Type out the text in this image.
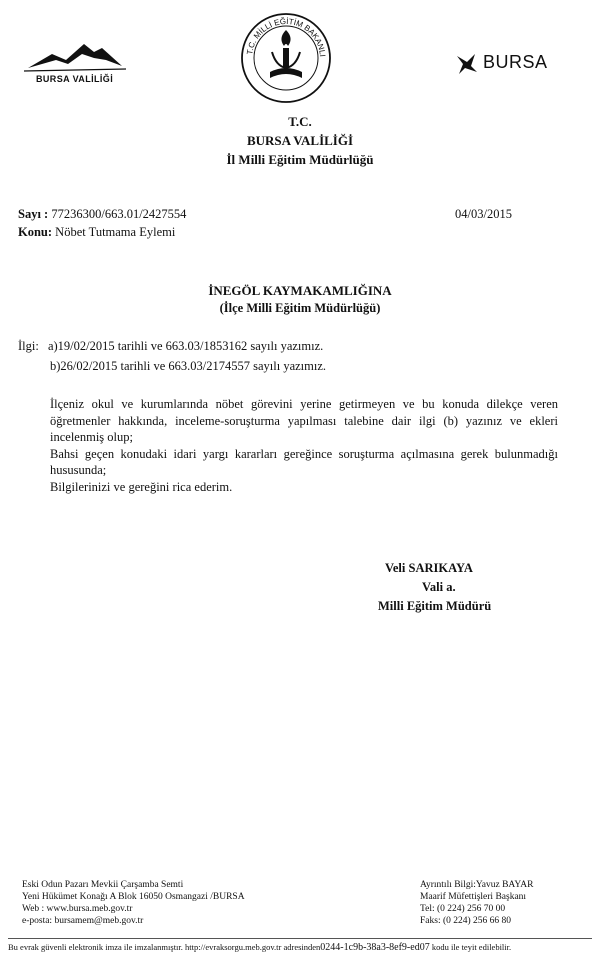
BURSA VALİLİĞİ
T.C. MİLLİ EĞİTİM BAKANLI	BURSA
T.C.
BURSA VALİLİĞİ
İl Milli Eğitim Müdürlüğü
Sayı : 77236300/663.01/2427554	04/03/2015
Konu: Nöbet Tutmama Eylemi
İNEGÖL KAYMAKAMLIĞINA
(İlçe Milli Eğitim Müdürlüğü)
İlgi: a)19/02/2015 tarihli ve 663.03/1853162 sayılı yazımız.
b)26/02/2015 tarihli ve 663.03/2174557 sayılı yazımız.

İlçeniz okul ve kurumlarında nöbet görevini yerine getirmeyen ve bu konuda dilekçe veren öğretmenler hakkında, inceleme-soruşturma yapılması talebine dair ilgi (b) yazınız ve ekleri incelenmiş olup;

Bahsi geçen konudaki idari yargı kararları gereğince soruşturma açılmasına gerek bulunmadığı hususunda;

Bilgilerinizi ve gereğini rica ederim.

Veli SARIKAYA
Vali a.
Milli Eğitim Müdürü
Eski Odun Pazarı Mevkii Çarşamba Semti
Yeni Hükümet Konağı A Blok 16050 Osmangazi /BURSA
Web : www.bursa.meb.gov.tr
e-posta: bursamem@meb.gov.tr
Ayrıntılı Bilgi:Yavuz BAYAR
Maarif Müfettişleri Başkanı
Tel: (0 224) 256 70 00
Faks: (0 224) 256 66 80
Bu evrak güvenli elektronik imza ile imzalanmıştır. http://evraksorgu.meb.gov.tr adresinden0244-1c9b-38a3-8ef9-ed07 kodu ile teyit edilebilir.
